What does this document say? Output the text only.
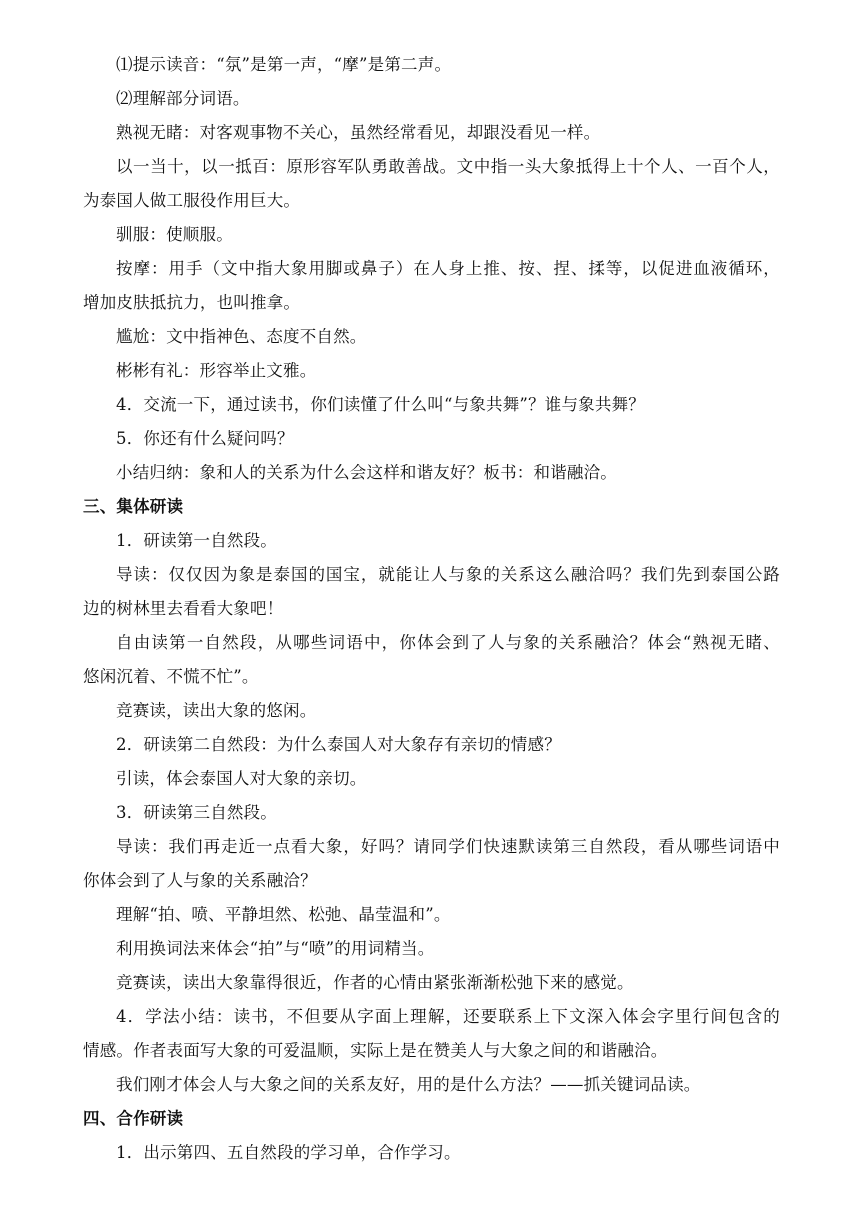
⑴提示读音：“氛”是第一声，“摩”是第二声。
⑵理解部分词语。
熟视无睹：对客观事物不关心，虽然经常看见，却跟没看见一样。
以一当十，以一抵百：原形容军队勇敢善战。文中指一头大象抵得上十个人、一百个人，
为泰国人做工服役作用巨大。
驯服：使顺服。
按摩：用手（文中指大象用脚或鼻子）在人身上推、按、捏、揉等，以促进血液循环，
增加皮肤抵抗力，也叫推拿。
尴尬：文中指神色、态度不自然。
彬彬有礼：形容举止文雅。
4．交流一下，通过读书，你们读懂了什么叫“与象共舞”？谁与象共舞？
5．你还有什么疑问吗？
小结归纳：象和人的关系为什么会这样和谐友好？板书：和谐融洽。
三、集体研读
1．研读第一自然段。
导读：仅仅因为象是泰国的国宝，就能让人与象的关系这么融洽吗？我们先到泰国公路
边的树林里去看看大象吧！
自由读第一自然段，从哪些词语中，你体会到了人与象的关系融洽？体会“熟视无睹、
悠闲沉着、不慌不忙”。
竞赛读，读出大象的悠闲。
2．研读第二自然段：为什么泰国人对大象存有亲切的情感？
引读，体会泰国人对大象的亲切。
3．研读第三自然段。
导读：我们再走近一点看大象，好吗？请同学们快速默读第三自然段，看从哪些词语中
你体会到了人与象的关系融洽？
理解“拍、喷、平静坦然、松弛、晶莹温和”。
利用换词法来体会“拍”与“喷”的用词精当。
竞赛读，读出大象靠得很近，作者的心情由紧张渐渐松弛下来的感觉。
4．学法小结：读书，不但要从字面上理解，还要联系上下文深入体会字里行间包含的
情感。作者表面写大象的可爱温顺，实际上是在赞美人与大象之间的和谐融洽。
我们刚才体会人与大象之间的关系友好，用的是什么方法？——抓关键词品读。
四、合作研读
1．出示第四、五自然段的学习单，合作学习。
